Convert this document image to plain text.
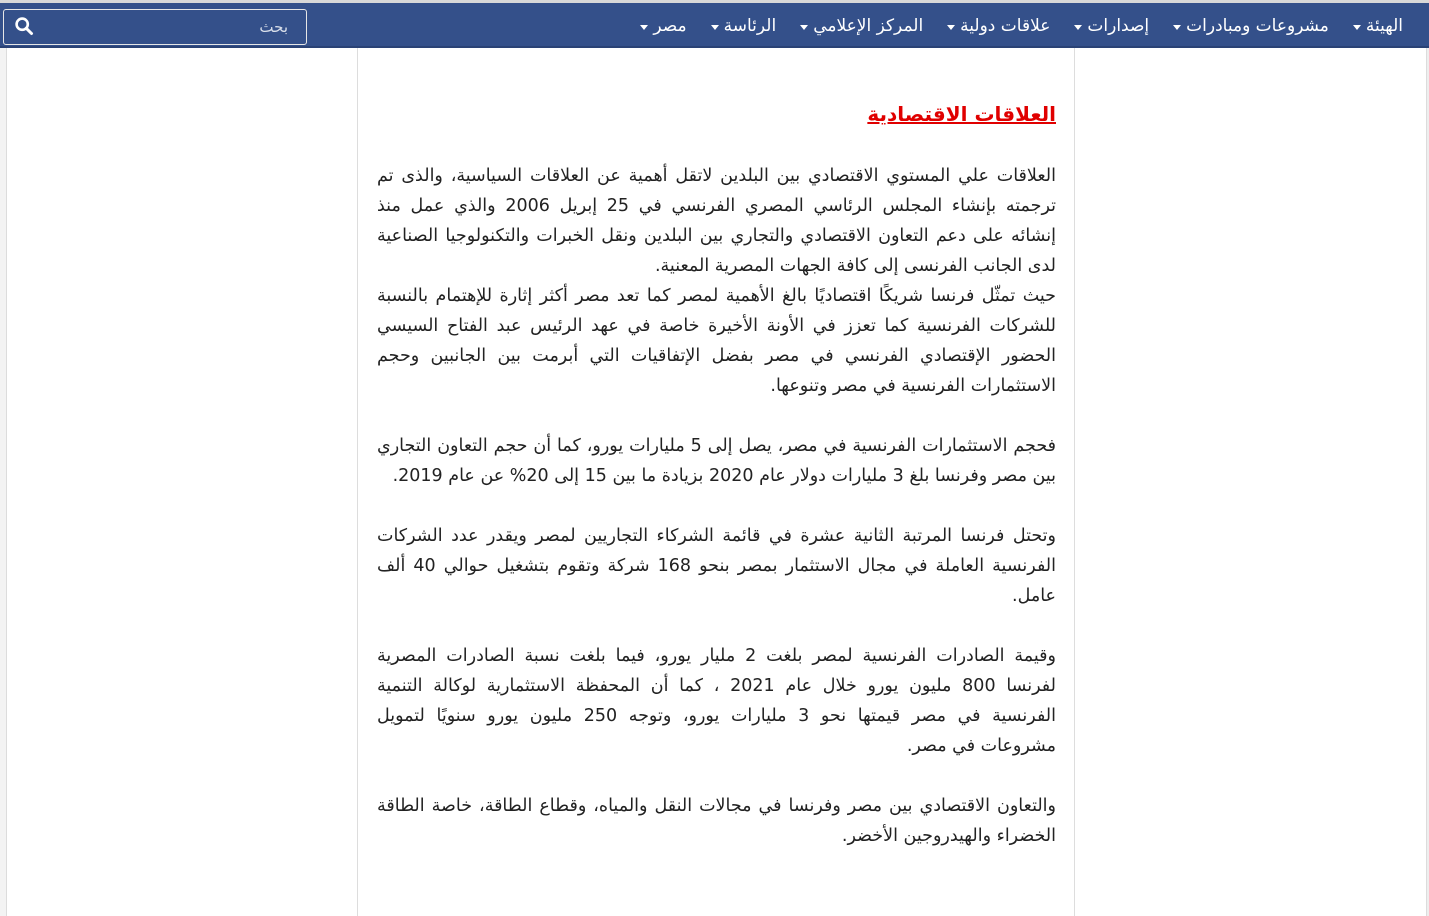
مصر الرئاسة المركز الإعلامي علاقات دولية إصدارات مشروعات ومبادرات الهيئة
بحث
العلاقات الاقتصادية

العلاقات علي المستوي الاقتصادي بين البلدين لاتقل أهمية عن العلاقات السياسية، والذى تم ترجمته بإنشاء المجلس الرئاسي المصري الفرنسي في 25 إبريل 2006 والذي عمل منذ إنشائه على دعم التعاون الاقتصادي والتجاري بين البلدين ونقل الخبرات والتكنولوجيا الصناعية لدى الجانب الفرنسى إلى كافة الجهات المصرية المعنية.

حيث تمثّل فرنسا شريكًا اقتصاديًا بالغ الأهمية لمصر كما تعد مصر أكثر إثارة للإهتمام بالنسبة للشركات الفرنسية كما تعزز في الأونة الأخيرة خاصة في عهد الرئيس عبد الفتاح السيسي الحضور الإقتصادي الفرنسي في مصر بفضل الإتفاقيات التي أبرمت بين الجانبين وحجم الاستثمارات الفرنسية في مصر وتنوعها.

فحجم الاستثمارات الفرنسية في مصر، يصل إلى 5 مليارات يورو، كما أن حجم التعاون التجاري بين مصر وفرنسا بلغ 3 مليارات دولار عام 2020 بزيادة ما بين 15 إلى 20% عن عام 2019.

وتحتل فرنسا المرتبة الثانية عشرة في قائمة الشركاء التجاريين لمصر ويقدر عدد الشركات الفرنسية العاملة في مجال الاستثمار بمصر بنحو 168 شركة وتقوم بتشغيل حوالي 40 ألف عامل.

وقيمة الصادرات الفرنسية لمصر بلغت 2 مليار يورو، فيما بلغت نسبة الصادرات المصرية لفرنسا 800 مليون يورو خلال عام 2021 ، كما أن المحفظة الاستثمارية لوكالة التنمية الفرنسية في مصر قيمتها نحو 3 مليارات يورو، وتوجه 250 مليون يورو سنويًا لتمويل مشروعات في مصر.

والتعاون الاقتصادي بين مصر وفرنسا في مجالات النقل والمياه، وقطاع الطاقة، خاصة الطاقة الخضراء والهيدروجين الأخضر.
